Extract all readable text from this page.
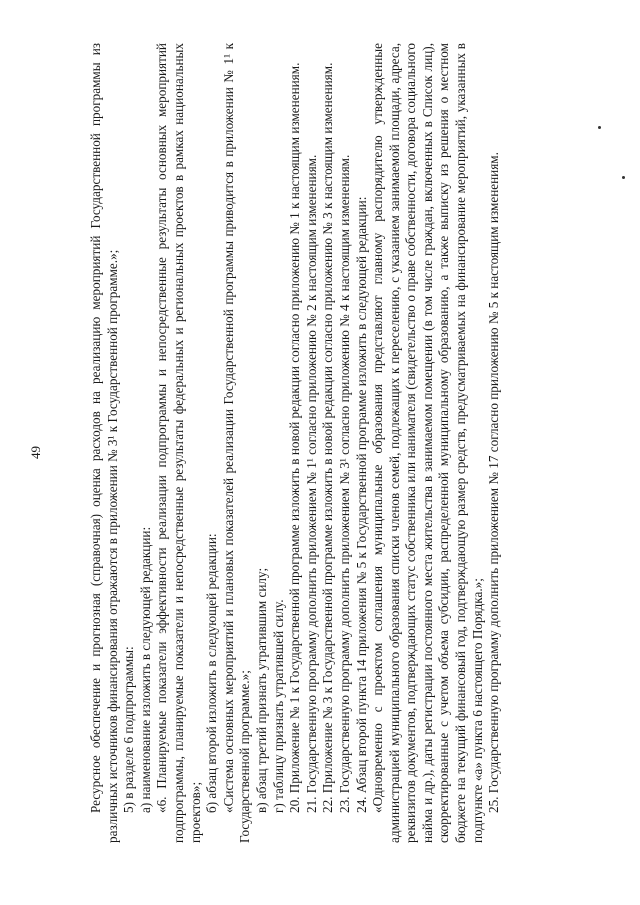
49	Ресурсное обеспечение и прогнозная (справочная) оценка расходов на реализацию мероприятий Государственной программы из различных источников финансирования отражаются в приложении № 3¹ к Государственной программе.»; 5) в разделе 6 подпрограммы: а) наименование изложить в следующей редакции: «6. Планируемые показатели эффективности реализации подпрограммы и непосредственные результаты основных мероприятий подпрограммы, планируемые показатели и непосредственные результаты федеральных и региональных проектов в рамках национальных проектов»; б) абзац второй изложить в следующей редакции: «Система основных мероприятий и плановых показателей реализации Государственной программы приводится в приложении № 1¹ к Государственной программе.»; в) абзац третий признать утратившим силу; г) таблицу признать утратившей силу. 20. Приложение № 1 к Государственной программе изложить в новой редакции согласно приложению № 1 к настоящим изменениям. 21. Государственную программу дополнить приложением № 1¹ согласно приложению № 2 к настоящим изменениям. 22. Приложение № 3 к Государственной программе изложить в новой редакции согласно приложению № 3 к настоящим изменениям. 23. Государственную программу дополнить приложением № 3¹ согласно приложению № 4 к настоящим изменениям. 24. Абзац второй пункта 14 приложения № 5 к Государственной программе изложить в следующей редакции: «Одновременно с проектом соглашения муниципальные образования представляют главному распорядителю утвержденные администрацией муниципального образования списки членов семей, подлежащих к переселению, с указанием занимаемой площади, адреса, реквизитов документов, подтверждающих статус собственника или нанимателя (свидетельство о праве собственности, договора социального найма и др.), даты регистрации постоянного места жительства в занимаемом помещении (в том числе граждан, включенных в Список лиц), скорректированные с учетом объема субсидии, распределенной муниципальному образованию, а также выписку из решения о местном бюджете на текущий финансовый год, подтверждающую размер средств, предусматриваемых на финансирование мероприятий, указанных в подпункте «а» пункта 6 настоящего Порядка.»; 25. Государственную программу дополнить приложением № 17 согласно приложению № 5 к настоящим изменениям.
